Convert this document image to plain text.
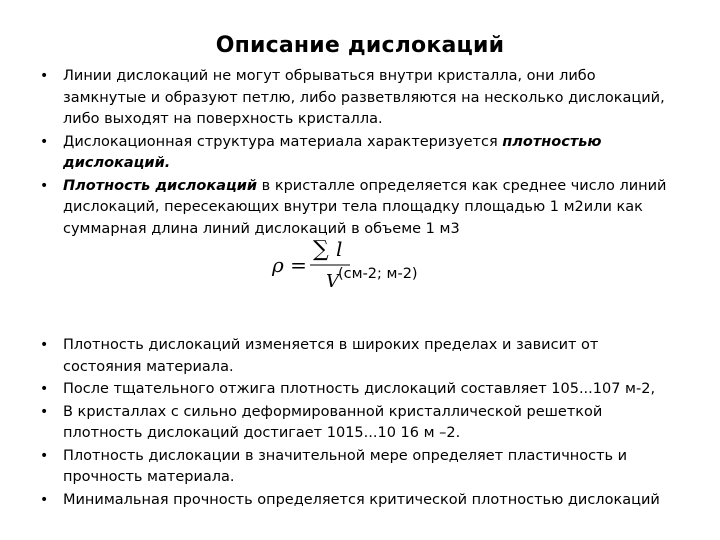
Описание дислокаций
• Линии дислокаций не могут обрываться внутри кристалла, они либо замкнутые и образуют петлю, либо разветвляются на несколько дислокаций, либо выходят на поверхность кристалла.
• Дислокационная структура материала характеризуется плотностью дислокаций.
• Плотность дислокаций в кристалле определяется как среднее число линий дислокаций, пересекающих внутри тела площадку площадью 1 м2или как суммарная длина линий дислокаций в объеме 1 м3
ρ =
∑ l
V (см-2; м-2)
• Плотность дислокаций изменяется в широких пределах и зависит от состояния материала.
• После тщательного отжига плотность дислокаций составляет 105...107 м-2,
• В кристаллах с сильно деформированной кристаллической решеткой плотность дислокаций достигает 1015...10 16 м –2.
• Плотность дислокации в значительной мере определяет пластичность и прочность материала.
• Минимальная прочность определяется критической плотностью дислокаций
